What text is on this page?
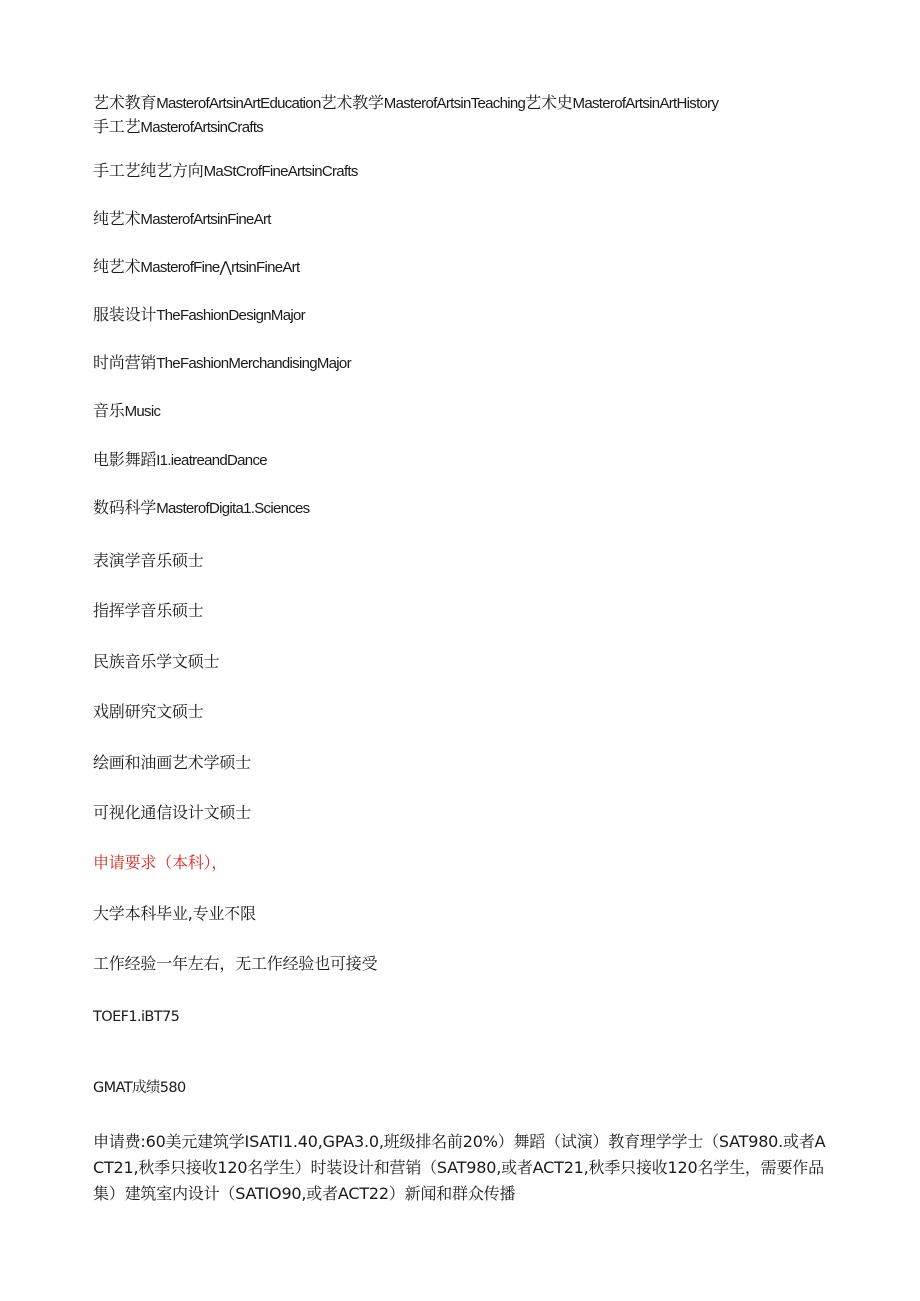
艺术教育MasterofArtsinArtEducation艺术教学MasterofArtsinTeaching艺术史MasterofArtsinArtHistory
手工艺MasterofArtsinCrafts
手工艺纯艺方向MaStCrofFineArtsinCrafts
纯艺术MasterofArtsinFineArt
纯艺术MasterofFine⋀rtsinFineArt
服装设计TheFashionDesignMajor
时尚营销TheFashionMerchandisingMajor
音乐Music
电影舞蹈I1.ieatreandDance
数码科学MasterofDigita1.Sciences
表演学音乐硕士
指挥学音乐硕士
民族音乐学文硕士
戏剧研究文硕士
绘画和油画艺术学硕士
可视化通信设计文硕士
申请要求（本科），
大学本科毕业,专业不限
工作经验一年左右，无工作经验也可接受
TOEF1.iBT75
GMAT成绩580
申请费:60美元建筑学ISATI1.40,GPA3.0,班级排名前20%）舞蹈（试演）教育理学学士（SAT980.或者ACT21,秋季只接收120名学生）时装设计和营销（SAT980,或者ACT21,秋季只接收120名学生，需要作品集）建筑室内设计（SATIO90,或者ACT22）新闻和群众传播
